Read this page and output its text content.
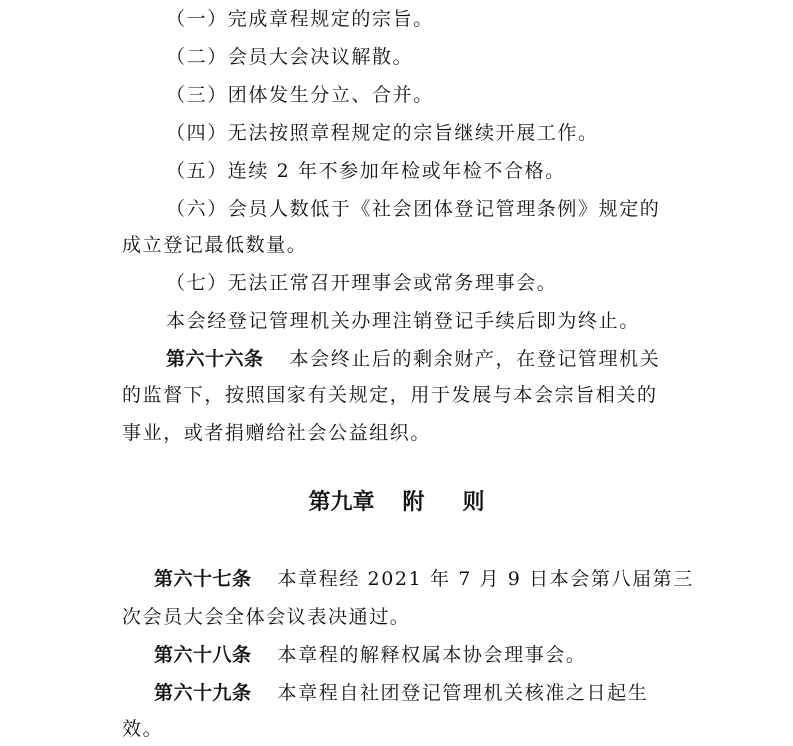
（一）完成章程规定的宗旨。
（二）会员大会决议解散。
（三）团体发生分立、合并。
（四）无法按照章程规定的宗旨继续开展工作。
（五）连续 2 年不参加年检或年检不合格。
（六）会员人数低于《社会团体登记管理条例》规定的
成立登记最低数量。
（七）无法正常召开理事会或常务理事会。
本会经登记管理机关办理注销登记手续后即为终止。
第六十六条 本会终止后的剩余财产，在登记管理机关
的监督下，按照国家有关规定，用于发展与本会宗旨相关的
事业，或者捐赠给社会公益组织。
第九章 附 则
第六十七条 本章程经 2021 年 7 月 9 日本会第八届第三
次会员大会全体会议表决通过。
第六十八条 本章程的解释权属本协会理事会。
第六十九条 本章程自社团登记管理机关核准之日起生
效。
